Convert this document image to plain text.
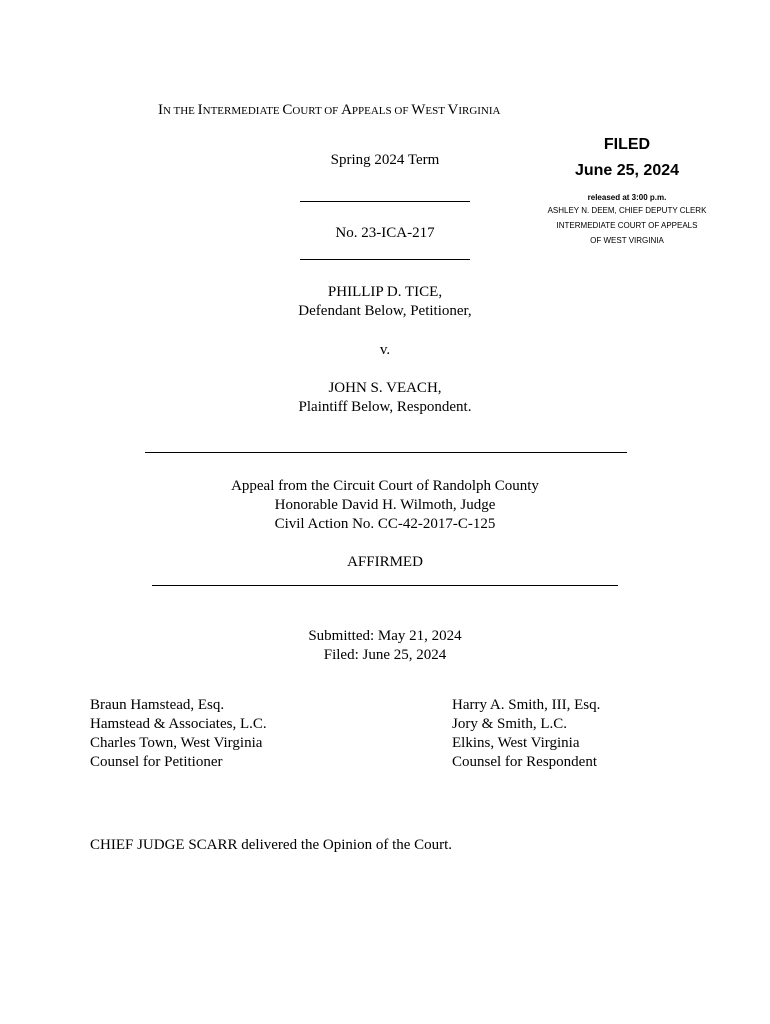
IN THE INTERMEDIATE COURT OF APPEALS OF WEST VIRGINIA
Spring 2024 Term
No. 23-ICA-217
FILED
June 25, 2024
released at 3:00 p.m.
ASHLEY N. DEEM, CHIEF DEPUTY CLERK
INTERMEDIATE COURT OF APPEALS
OF WEST VIRGINIA
PHILLIP D. TICE,
Defendant Below, Petitioner,
v.
JOHN S. VEACH,
Plaintiff Below, Respondent.
Appeal from the Circuit Court of Randolph County
Honorable David H. Wilmoth, Judge
Civil Action No. CC-42-2017-C-125
AFFIRMED
Submitted: May 21, 2024
Filed: June 25, 2024
Braun Hamstead, Esq.
Hamstead & Associates, L.C.
Charles Town, West Virginia
Counsel for Petitioner
Harry A. Smith, III, Esq.
Jory & Smith, L.C.
Elkins, West Virginia
Counsel for Respondent
CHIEF JUDGE SCARR delivered the Opinion of the Court.
